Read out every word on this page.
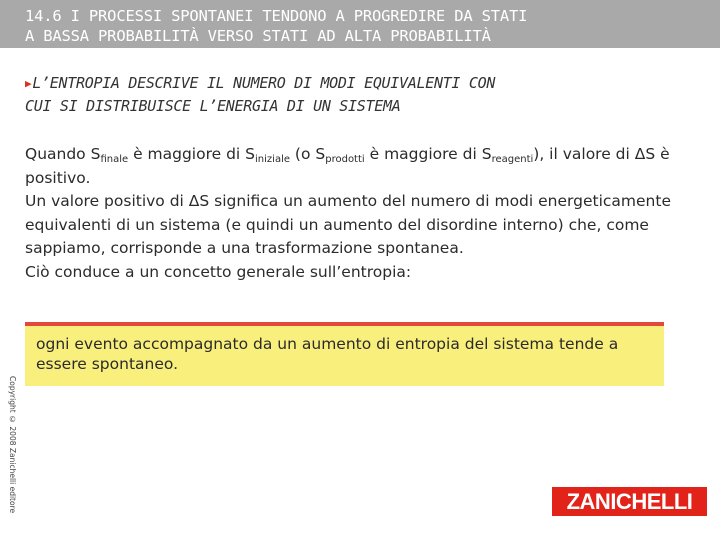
14.6 I PROCESSI SPONTANEI TENDONO A PROGREDIRE DA STATI
A BASSA PROBABILITÀ VERSO STATI AD ALTA PROBABILITÀ
▶L’ENTROPIA DESCRIVE IL NUMERO DI MODI EQUIVALENTI CON
CUI SI DISTRIBUISCE L’ENERGIA DI UN SISTEMA

Quando $S_{finale}$ è maggiore di $S_{iniziale}$ (o $S_{prodotti}$ è maggiore di $S_{reagenti}$), il valore di ΔS è positivo.

Un valore positivo di ΔS significa un aumento del numero di modi energeticamente equivalenti di un sistema (e quindi un aumento del disordine interno) che, come sappiamo, corrisponde a una trasformazione spontanea.

Ciò conduce a un concetto generale sull’entropia:

ogni evento accompagnato da un aumento di entropia del sistema tende a essere spontaneo.
Copyright © 2008 Zanichelli editore	ZANICHELLI
